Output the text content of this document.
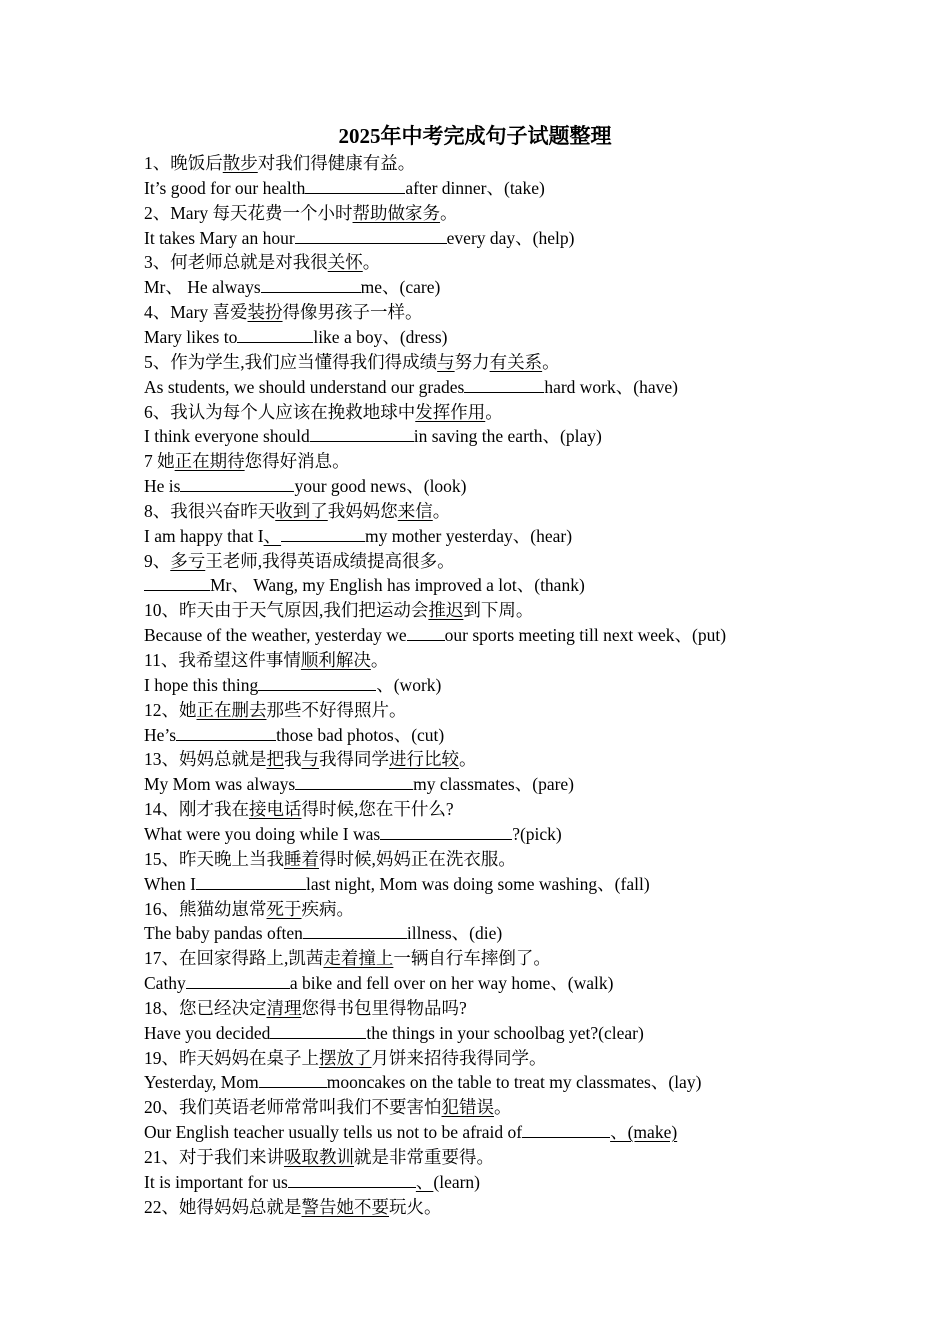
2025年中考完成句子试题整理
1、晚饭后散步对我们得健康有益。
It’s good for our health	after dinner、(take)
2、Mary 每天花费一个小时帮助做家务。
It takes Mary an hour	every day、(help)
3、何老师总就是对我很关怀。
Mr、 He always	me、(care)
4、Mary 喜爱装扮得像男孩子一样。
Mary likes to	like a boy、(dress)
5、作为学生,我们应当懂得我们得成绩与努力有关系。
As students, we should understand our grades	hard work、(have)
6、我认为每个人应该在挽救地球中发挥作用。
I think everyone should	in saving the earth、(play)
7 她正在期待您得好消息。
He is	your good news、(look)
8、我很兴奋昨天收到了我妈妈您来信。
I am happy that I、	my mother yesterday、(hear)
9、多亏王老师,我得英语成绩提高很多。
Mr、 Wang, my English has improved a lot、(thank)
10、昨天由于天气原因,我们把运动会推迟到下周。
Because of the weather, yesterday we our sports meeting till next week、(put)
11、我希望这件事情顺利解决。
I hope this thing	、(work)
12、她正在删去那些不好得照片。
He’s	those bad photos、(cut)
13、妈妈总就是把我与我得同学进行比较。
My Mom was always	my classmates、(pare)
14、刚才我在接电话得时候,您在干什么?
What were you doing while I was	?(pick)
15、昨天晚上当我睡着得时候,妈妈正在洗衣服。
When I	last night, Mom was doing some washing、(fall)
16、熊猫幼崽常死于疾病。
The baby pandas often	illness、(die)
17、在回家得路上,凯茜走着撞上一辆自行车摔倒了。
Cathy	a bike and fell over on her way home、(walk)
18、您已经决定清理您得书包里得物品吗?
Have you decided	the things in your schoolbag yet?(clear)
19、昨天妈妈在桌子上摆放了月饼来招待我得同学。
Yesterday, Mom	mooncakes on the table to treat my classmates、(lay)
20、我们英语老师常常叫我们不要害怕犯错误。
Our English teacher usually tells us not to be afraid of	、(make)
21、对于我们来讲吸取教训就是非常重要得。
It is important for us	、(learn)
22、她得妈妈总就是警告她不要玩火。
